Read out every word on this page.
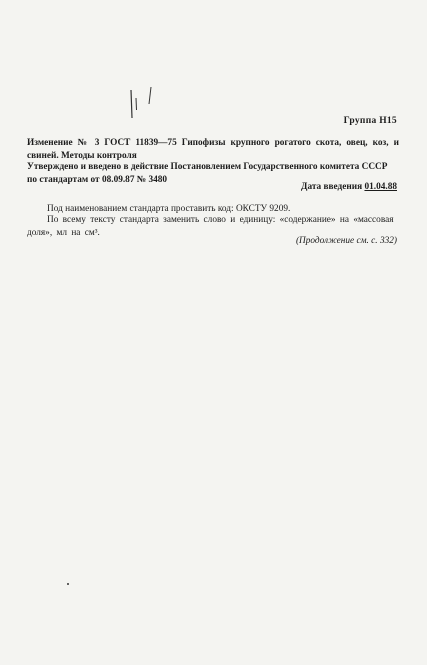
Группа Н15
Изменение № 3 ГОСТ 11839—75 Гипофизы крупного рогатого скота, овец, коз, и свиней. Методы контроля
Утверждено и введено в действие Постановлением Государственного комитета СССР по стандартам от 08.09.87 № 3480
Дата введения 01.04.88
Под наименованием стандарта проставить код: ОКСТУ 9209.
По всему тексту стандарта заменить слово и единицу: «содержание» на «массовая доля», мл на см³.
(Продолжение см. с. 332)
